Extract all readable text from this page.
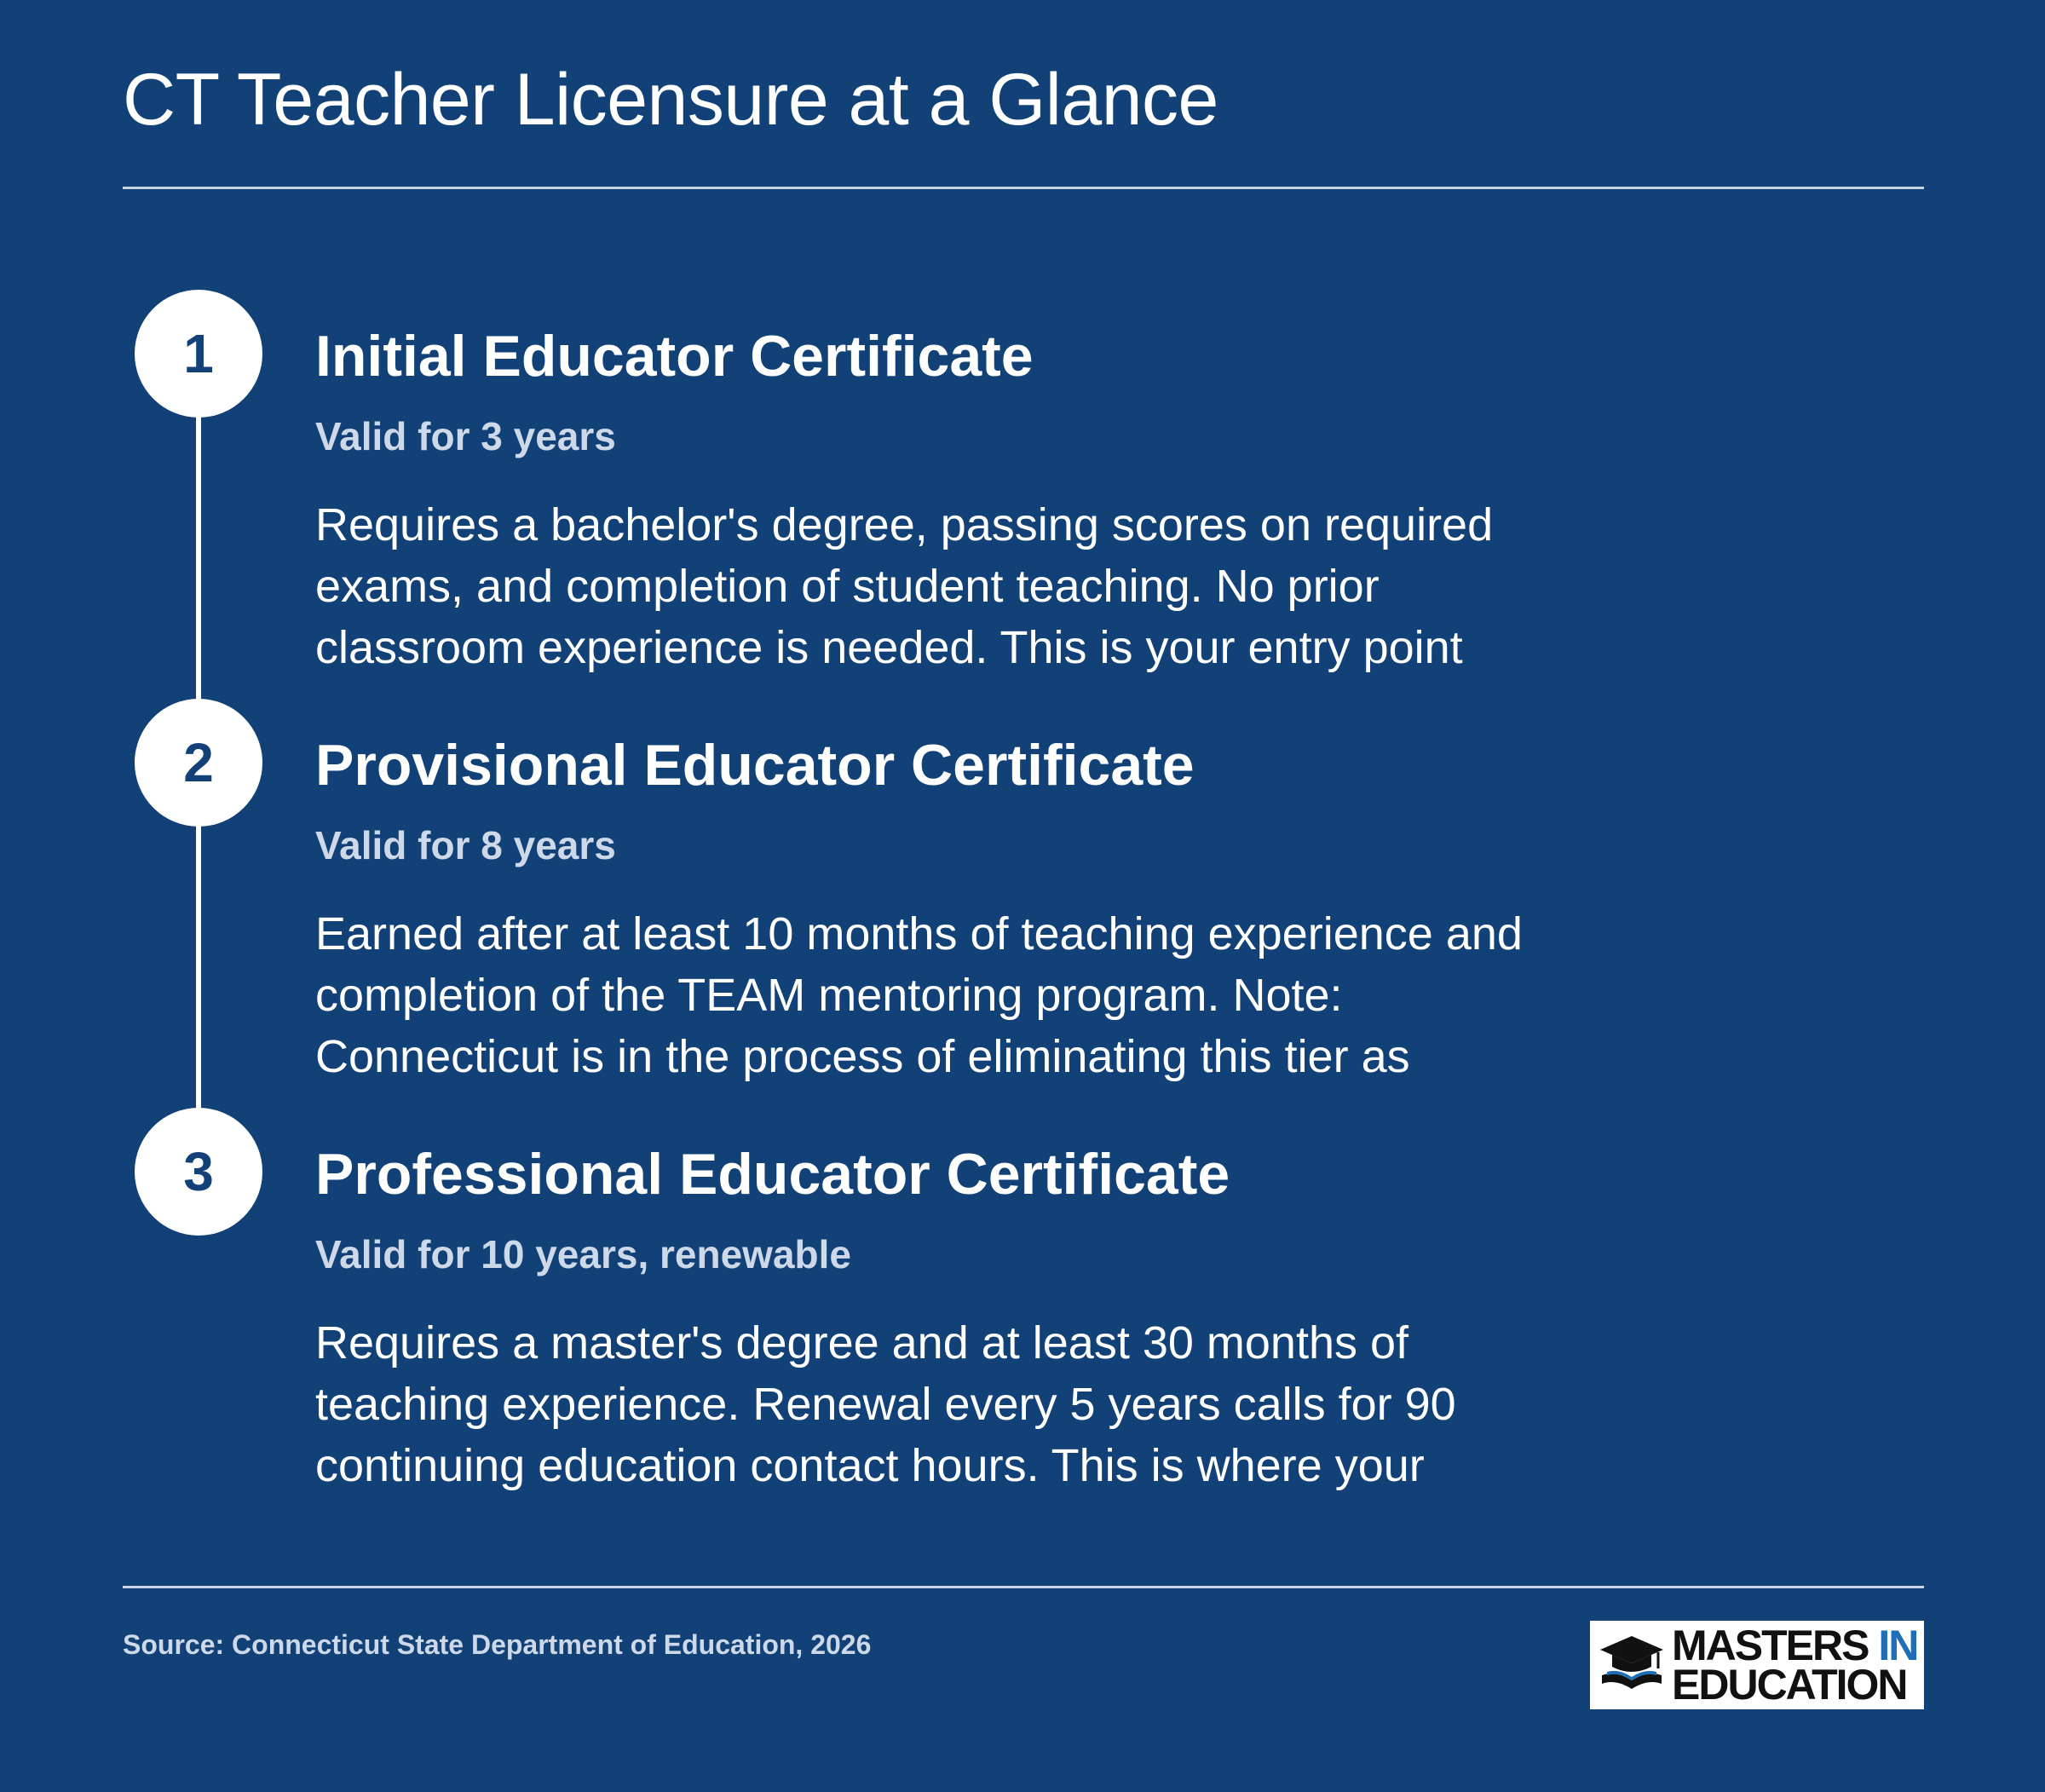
CT Teacher Licensure at a Glance
1	Initial Educator Certificate
Valid for 3 years
Requires a bachelor's degree, passing scores on required
exams, and completion of student teaching. No prior
classroom experience is needed. This is your entry point
2	Provisional Educator Certificate
Valid for 8 years
Earned after at least 10 months of teaching experience and
completion of the TEAM mentoring program. Note:
Connecticut is in the process of eliminating this tier as
3	Professional Educator Certificate
Valid for 10 years, renewable
Requires a master's degree and at least 30 months of
teaching experience. Renewal every 5 years calls for 90
continuing education contact hours. This is where your
Source: Connecticut State Department of Education, 2026	MASTERS IN
EDUCATION
